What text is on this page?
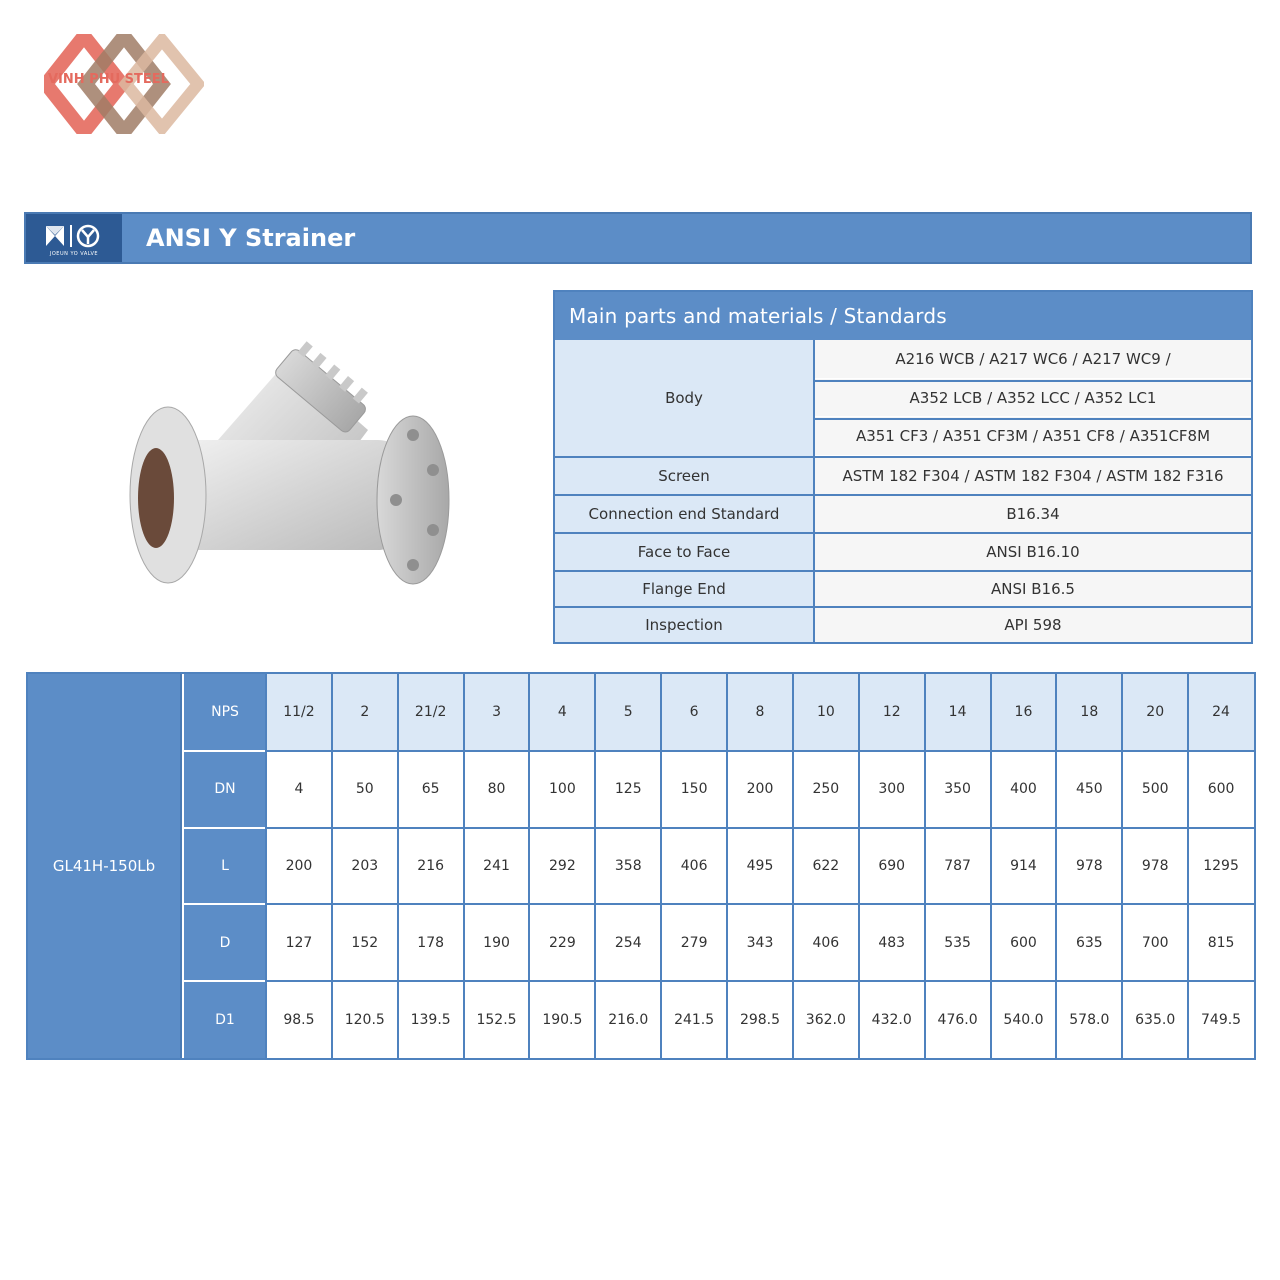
VINH PHU STEEL
JOEUN YO VALVE
ANSI Y Strainer
Main parts and materials / Standards
Body
A216 WCB / A217 WC6 / A217 WC9 /
A352 LCB / A352 LCC / A352 LC1
A351 CF3 / A351 CF3M / A351 CF8 / A351CF8M
Screen	ASTM 182 F304 / ASTM 182 F304 / ASTM 182 F316
Connection end Standard	B16.34
Face to Face	ANSI B16.10
Flange End	ANSI B16.5
Inspection	API 598
GL41H-150Lb
NPS	11/2	2	21/2	3	4	5	6	8	10	12	14	16	18	20	24
DN	4	50	65	80	100	125	150	200	250	300	350	400	450	500	600
L	200	203	216	241	292	358	406	495	622	690	787	914	978	978	1295
D	127	152	178	190	229	254	279	343	406	483	535	600	635	700	815
D1	98.5	120.5	139.5	152.5	190.5	216.0	241.5	298.5	362.0	432.0	476.0	540.0	578.0	635.0	749.5
